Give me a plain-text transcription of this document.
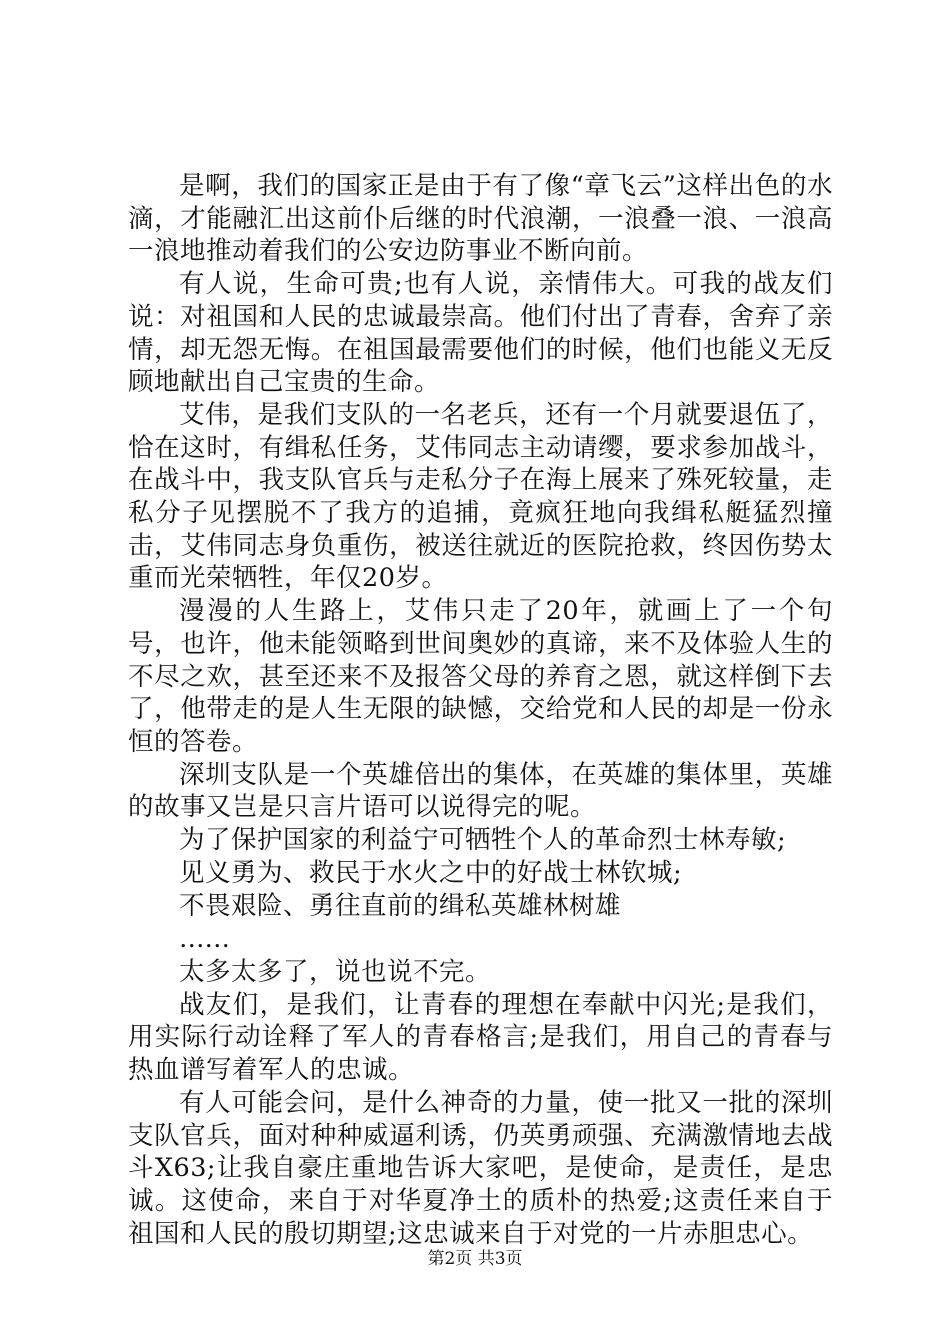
是啊，我们的国家正是由于有了像“章飞云”这样出色的水滴，才能融汇出这前仆后继的时代浪潮，一浪叠一浪、一浪高一浪地推动着我们的公安边防事业不断向前。

有人说，生命可贵;也有人说，亲情伟大。可我的战友们说：对祖国和人民的忠诚最崇高。他们付出了青春，舍弃了亲情，却无怨无悔。在祖国最需要他们的时候，他们也能义无反顾地献出自己宝贵的生命。

艾伟，是我们支队的一名老兵，还有一个月就要退伍了，恰在这时，有缉私任务，艾伟同志主动请缨，要求参加战斗，在战斗中，我支队官兵与走私分子在海上展来了殊死较量，走私分子见摆脱不了我方的追捕，竟疯狂地向我缉私艇猛烈撞击，艾伟同志身负重伤，被送往就近的医院抢救，终因伤势太重而光荣牺牲，年仅20岁。

漫漫的人生路上，艾伟只走了20年，就画上了一个句号，也许，他未能领略到世间奥妙的真谛，来不及体验人生的不尽之欢，甚至还来不及报答父母的养育之恩，就这样倒下去了，他带走的是人生无限的缺憾，交给党和人民的却是一份永恒的答卷。

深圳支队是一个英雄倍出的集体，在英雄的集体里，英雄的故事又岂是只言片语可以说得完的呢。

为了保护国家的利益宁可牺牲个人的革命烈士林寿敏;

见义勇为、救民于水火之中的好战士林钦城;

不畏艰险、勇往直前的缉私英雄林树雄

……

太多太多了，说也说不完。

战友们，是我们，让青春的理想在奉献中闪光;是我们，用实际行动诠释了军人的青春格言;是我们，用自己的青春与热血谱写着军人的忠诚。

有人可能会问，是什么神奇的力量，使一批又一批的深圳支队官兵，面对种种威逼利诱，仍英勇顽强、充满激情地去战斗X63;让我自豪庄重地告诉大家吧，是使命，是责任，是忠诚。这使命，来自于对华夏净土的质朴的热爱;这责任来自于祖国和人民的殷切期望;这忠诚来自于对党的一片赤胆忠心。

第2页 共3页
